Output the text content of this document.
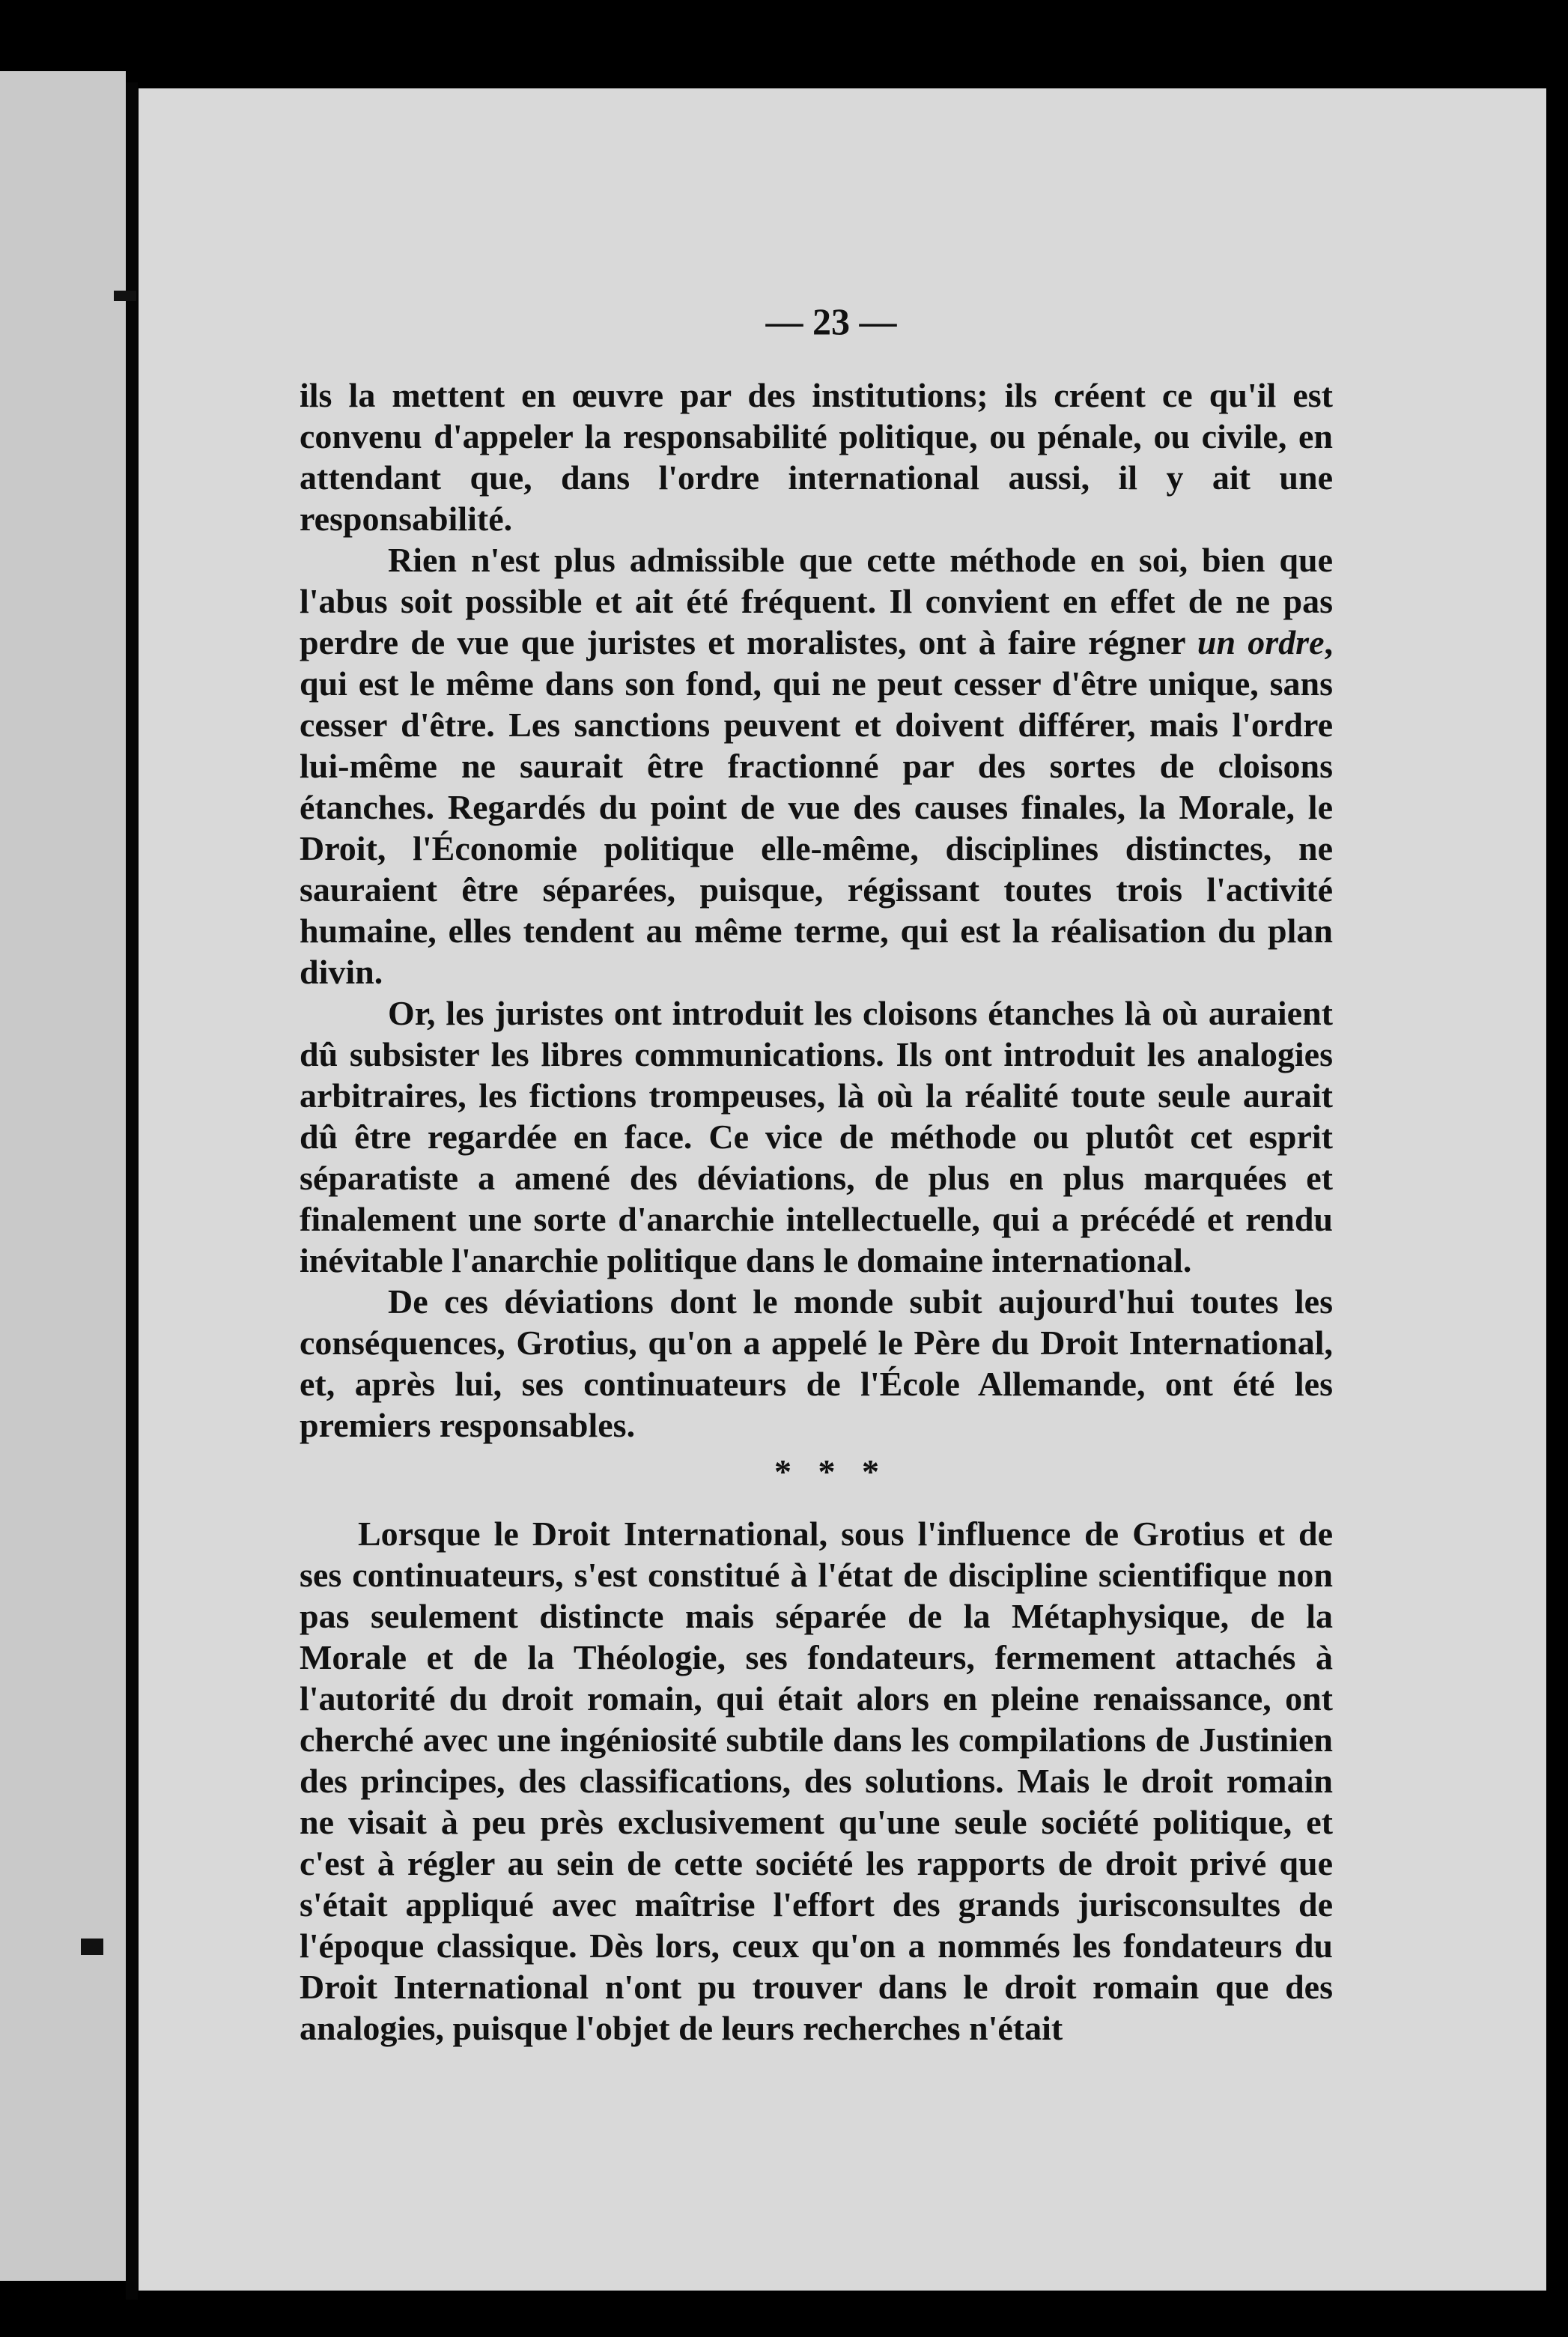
— 23 —

ils la mettent en œuvre par des institutions; ils créent ce qu'il est convenu d'appeler la responsabilité politique, ou pénale, ou civile, en attendant que, dans l'ordre international aussi, il y ait une responsabilité.

Rien n'est plus admissible que cette méthode en soi, bien que l'abus soit possible et ait été fréquent. Il convient en effet de ne pas perdre de vue que juristes et moralistes, ont à faire régner un ordre, qui est le même dans son fond, qui ne peut cesser d'être unique, sans cesser d'être. Les sanctions peuvent et doivent différer, mais l'ordre lui-même ne saurait être fractionné par des sortes de cloisons étanches. Regardés du point de vue des causes finales, la Morale, le Droit, l'Économie politique elle-même, disciplines distinctes, ne sauraient être séparées, puisque, régissant toutes trois l'activité humaine, elles tendent au même terme, qui est la réalisation du plan divin.

Or, les juristes ont introduit les cloisons étanches là où auraient dû subsister les libres communications. Ils ont introduit les analogies arbitraires, les fictions trompeuses, là où la réalité toute seule aurait dû être regardée en face. Ce vice de méthode ou plutôt cet esprit séparatiste a amené des déviations, de plus en plus marquées et finalement une sorte d'anarchie intellectuelle, qui a précédé et rendu inévitable l'anarchie politique dans le domaine international.

De ces déviations dont le monde subit aujourd'hui toutes les conséquences, Grotius, qu'on a appelé le Père du Droit International, et, après lui, ses continuateurs de l'École Allemande, ont été les premiers responsables.

* * *

Lorsque le Droit International, sous l'influence de Grotius et de ses continuateurs, s'est constitué à l'état de discipline scientifique non pas seulement distincte mais séparée de la Métaphysique, de la Morale et de la Théologie, ses fondateurs, fermement attachés à l'autorité du droit romain, qui était alors en pleine renaissance, ont cherché avec une ingéniosité subtile dans les compilations de Justinien des principes, des classifications, des solutions. Mais le droit romain ne visait à peu près exclusivement qu'une seule société politique, et c'est à régler au sein de cette société les rapports de droit privé que s'était appliqué avec maîtrise l'effort des grands jurisconsultes de l'époque classique. Dès lors, ceux qu'on a nommés les fondateurs du Droit International n'ont pu trouver dans le droit romain que des analogies, puisque l'objet de leurs recherches n'était
